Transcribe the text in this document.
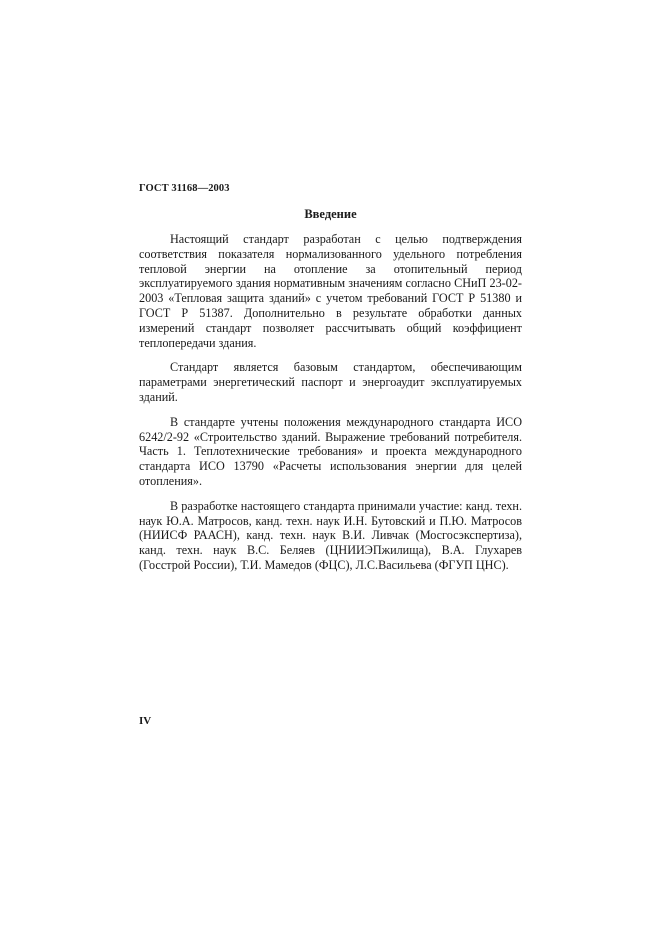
ГОСТ 31168—2003
Введение

Настоящий стандарт разработан с целью подтверждения соответствия показателя нормализованного удельного потребления тепловой энергии на отопление за отопительный период эксплуатируемого здания нормативным значениям согласно СНиП 23-02-2003 «Тепловая защита зданий» с учетом требований ГОСТ Р 51380 и ГОСТ Р 51387. Дополнительно в результате обработки данных измерений стандарт позволяет рассчитывать общий коэффициент теплопередачи здания.

Стандарт является базовым стандартом, обеспечивающим параметрами энергетический паспорт и энергоаудит эксплуатируемых зданий.

В стандарте учтены положения международного стандарта ИСО 6242/2-92 «Строительство зданий. Выражение требований потребителя. Часть 1. Теплотехнические требования» и проекта международного стандарта ИСО 13790 «Расчеты использования энергии для целей отопления».

В разработке настоящего стандарта принимали участие: канд. техн. наук Ю.А. Матросов, канд. техн. наук И.Н. Бутовский и П.Ю. Матросов (НИИСФ РААСН), канд. техн. наук В.И. Ливчак (Мосгосэкспертиза), канд. техн. наук В.С. Беляев (ЦНИИЭПжилища), В.А. Глухарев (Госстрой России), Т.И. Мамедов (ФЦС), Л.С.Васильева (ФГУП ЦНС).

IV
